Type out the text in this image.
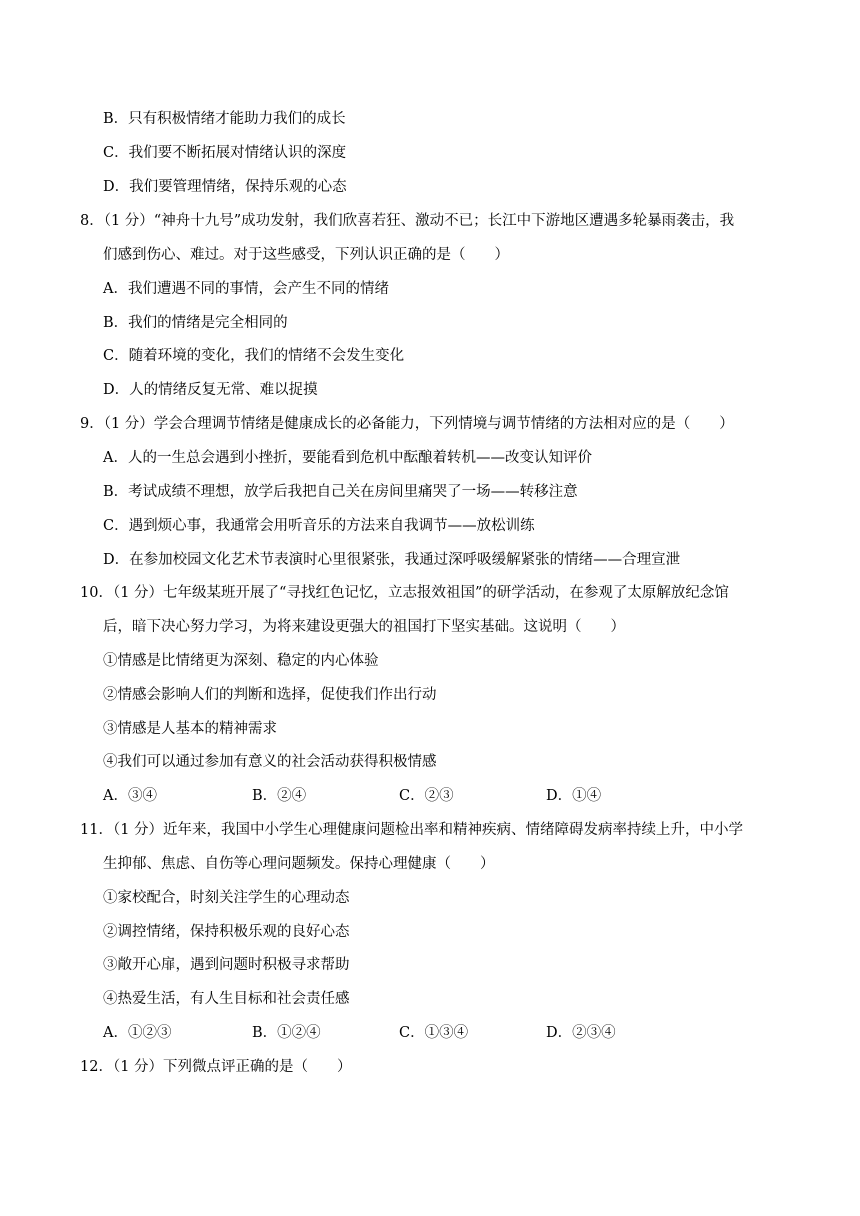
B．只有积极情绪才能助力我们的成长
C．我们要不断拓展对情绪认识的深度
D．我们要管理情绪，保持乐观的心态
8．（1 分）“神舟十九号”成功发射，我们欣喜若狂、激动不已；长江中下游地区遭遇多轮暴雨袭击，我
们感到伤心、难过。对于这些感受，下列认识正确的是（　　）
A．我们遭遇不同的事情，会产生不同的情绪
B．我们的情绪是完全相同的
C．随着环境的变化，我们的情绪不会发生变化
D．人的情绪反复无常、难以捉摸
9．（1 分）学会合理调节情绪是健康成长的必备能力，下列情境与调节情绪的方法相对应的是（　　）
A．人的一生总会遇到小挫折，要能看到危机中酝酿着转机——改变认知评价
B．考试成绩不理想，放学后我把自己关在房间里痛哭了一场——转移注意
C．遇到烦心事，我通常会用听音乐的方法来自我调节——放松训练
D．在参加校园文化艺术节表演时心里很紧张，我通过深呼吸缓解紧张的情绪——合理宣泄
10．（1 分）七年级某班开展了“寻找红色记忆，立志报效祖国”的研学活动，在参观了太原解放纪念馆
后，暗下决心努力学习，为将来建设更强大的祖国打下坚实基础。这说明（　　）
①情感是比情绪更为深刻、稳定的内心体验
②情感会影响人们的判断和选择，促使我们作出行动
③情感是人基本的精神需求
④我们可以通过参加有意义的社会活动获得积极情感
A．③④	B．②④	C．②③	D．①④
11．（1 分）近年来，我国中小学生心理健康问题检出率和精神疾病、情绪障碍发病率持续上升，中小学
生抑郁、焦虑、自伤等心理问题频发。保持心理健康（　　）
①家校配合，时刻关注学生的心理动态
②调控情绪，保持积极乐观的良好心态
③敞开心扉，遇到问题时积极寻求帮助
④热爱生活，有人生目标和社会责任感
A．①②③	B．①②④	C．①③④	D．②③④
12．（1 分）下列微点评正确的是（　　）
